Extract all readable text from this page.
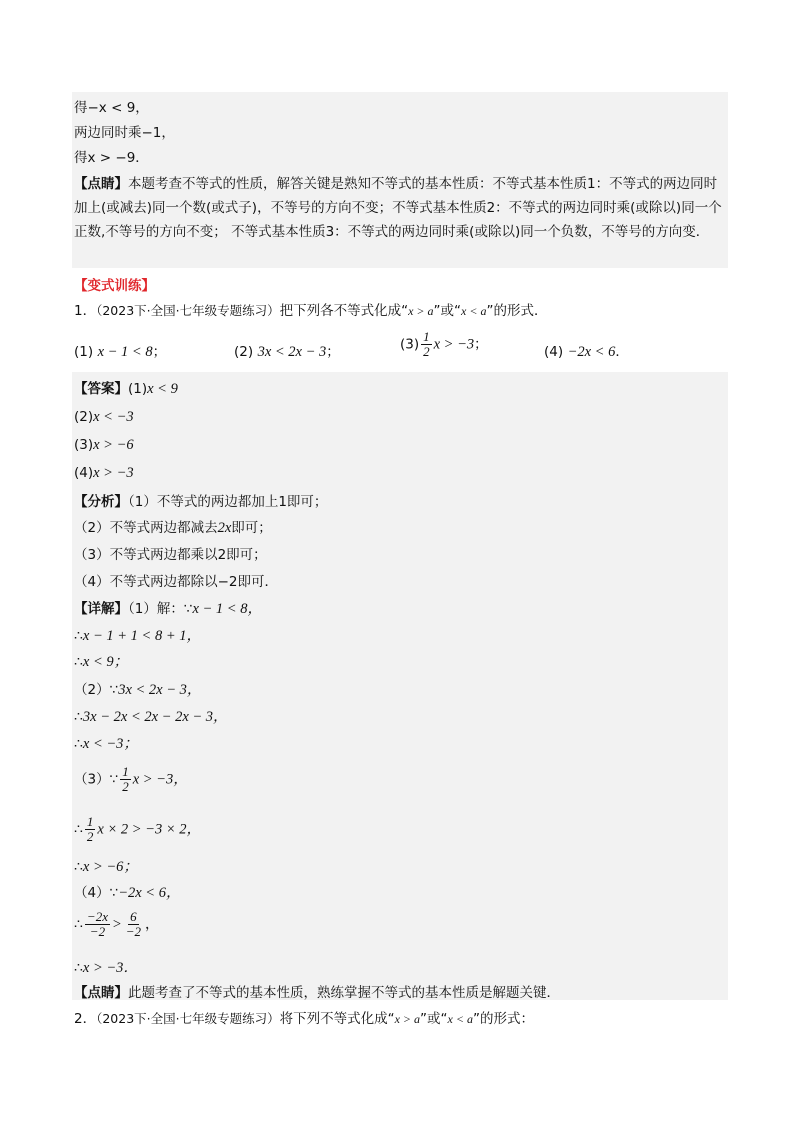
得−x < 9，
两边同时乘−1，
得x > −9．
【点睛】本题考查不等式的性质，解答关键是熟知不等式的基本性质：不等式基本性质1：不等式的两边同时加上(或减去)同一个数(或式子)，不等号的方向不变；不等式基本性质2：不等式的两边同时乘(或除以)同一个正数,不等号的方向不变； 不等式基本性质3：不等式的两边同时乘(或除以)同一个负数，不等号的方向变．
【变式训练】
1．（2023下·全国·七年级专题练习）把下列各不等式化成“x > a”或“x < a”的形式．
(1) x − 1 < 8；	(2) 3x < 2x − 3；	$(3) \frac{1}{2}$ x > −3；	(4) −2x < 6．
【答案】(1)x < 9
(2)x < −3
(3)x > −6
(4)x > −3
【分析】（1）不等式的两边都加上1即可；
（2）不等式两边都减去2x即可；
（3）不等式两边都乘以2即可；
（4）不等式两边都除以−2即可．
【详解】（1）解：∵x − 1 < 8，
∴x − 1 + 1 < 8 + 1，
∴x < 9；
（2）∵3x < 2x − 3，
∴3x − 2x < 2x − 2x − 3，
∴x < −3；
（3）∵ $\frac{1}{2}$ x > −3，
∴ $\frac{1}{2}$ x × 2 > −3 × 2，
∴x > −6；
（4）∵−2x < 6，
∴ $\frac{-2x}{-2} > \frac{6}{-2}$ ，
∴x > −3．
【点睛】此题考查了不等式的基本性质，熟练掌握不等式的基本性质是解题关键．
2．（2023下·全国·七年级专题练习）将下列不等式化成“x > a”或“x < a”的形式：
